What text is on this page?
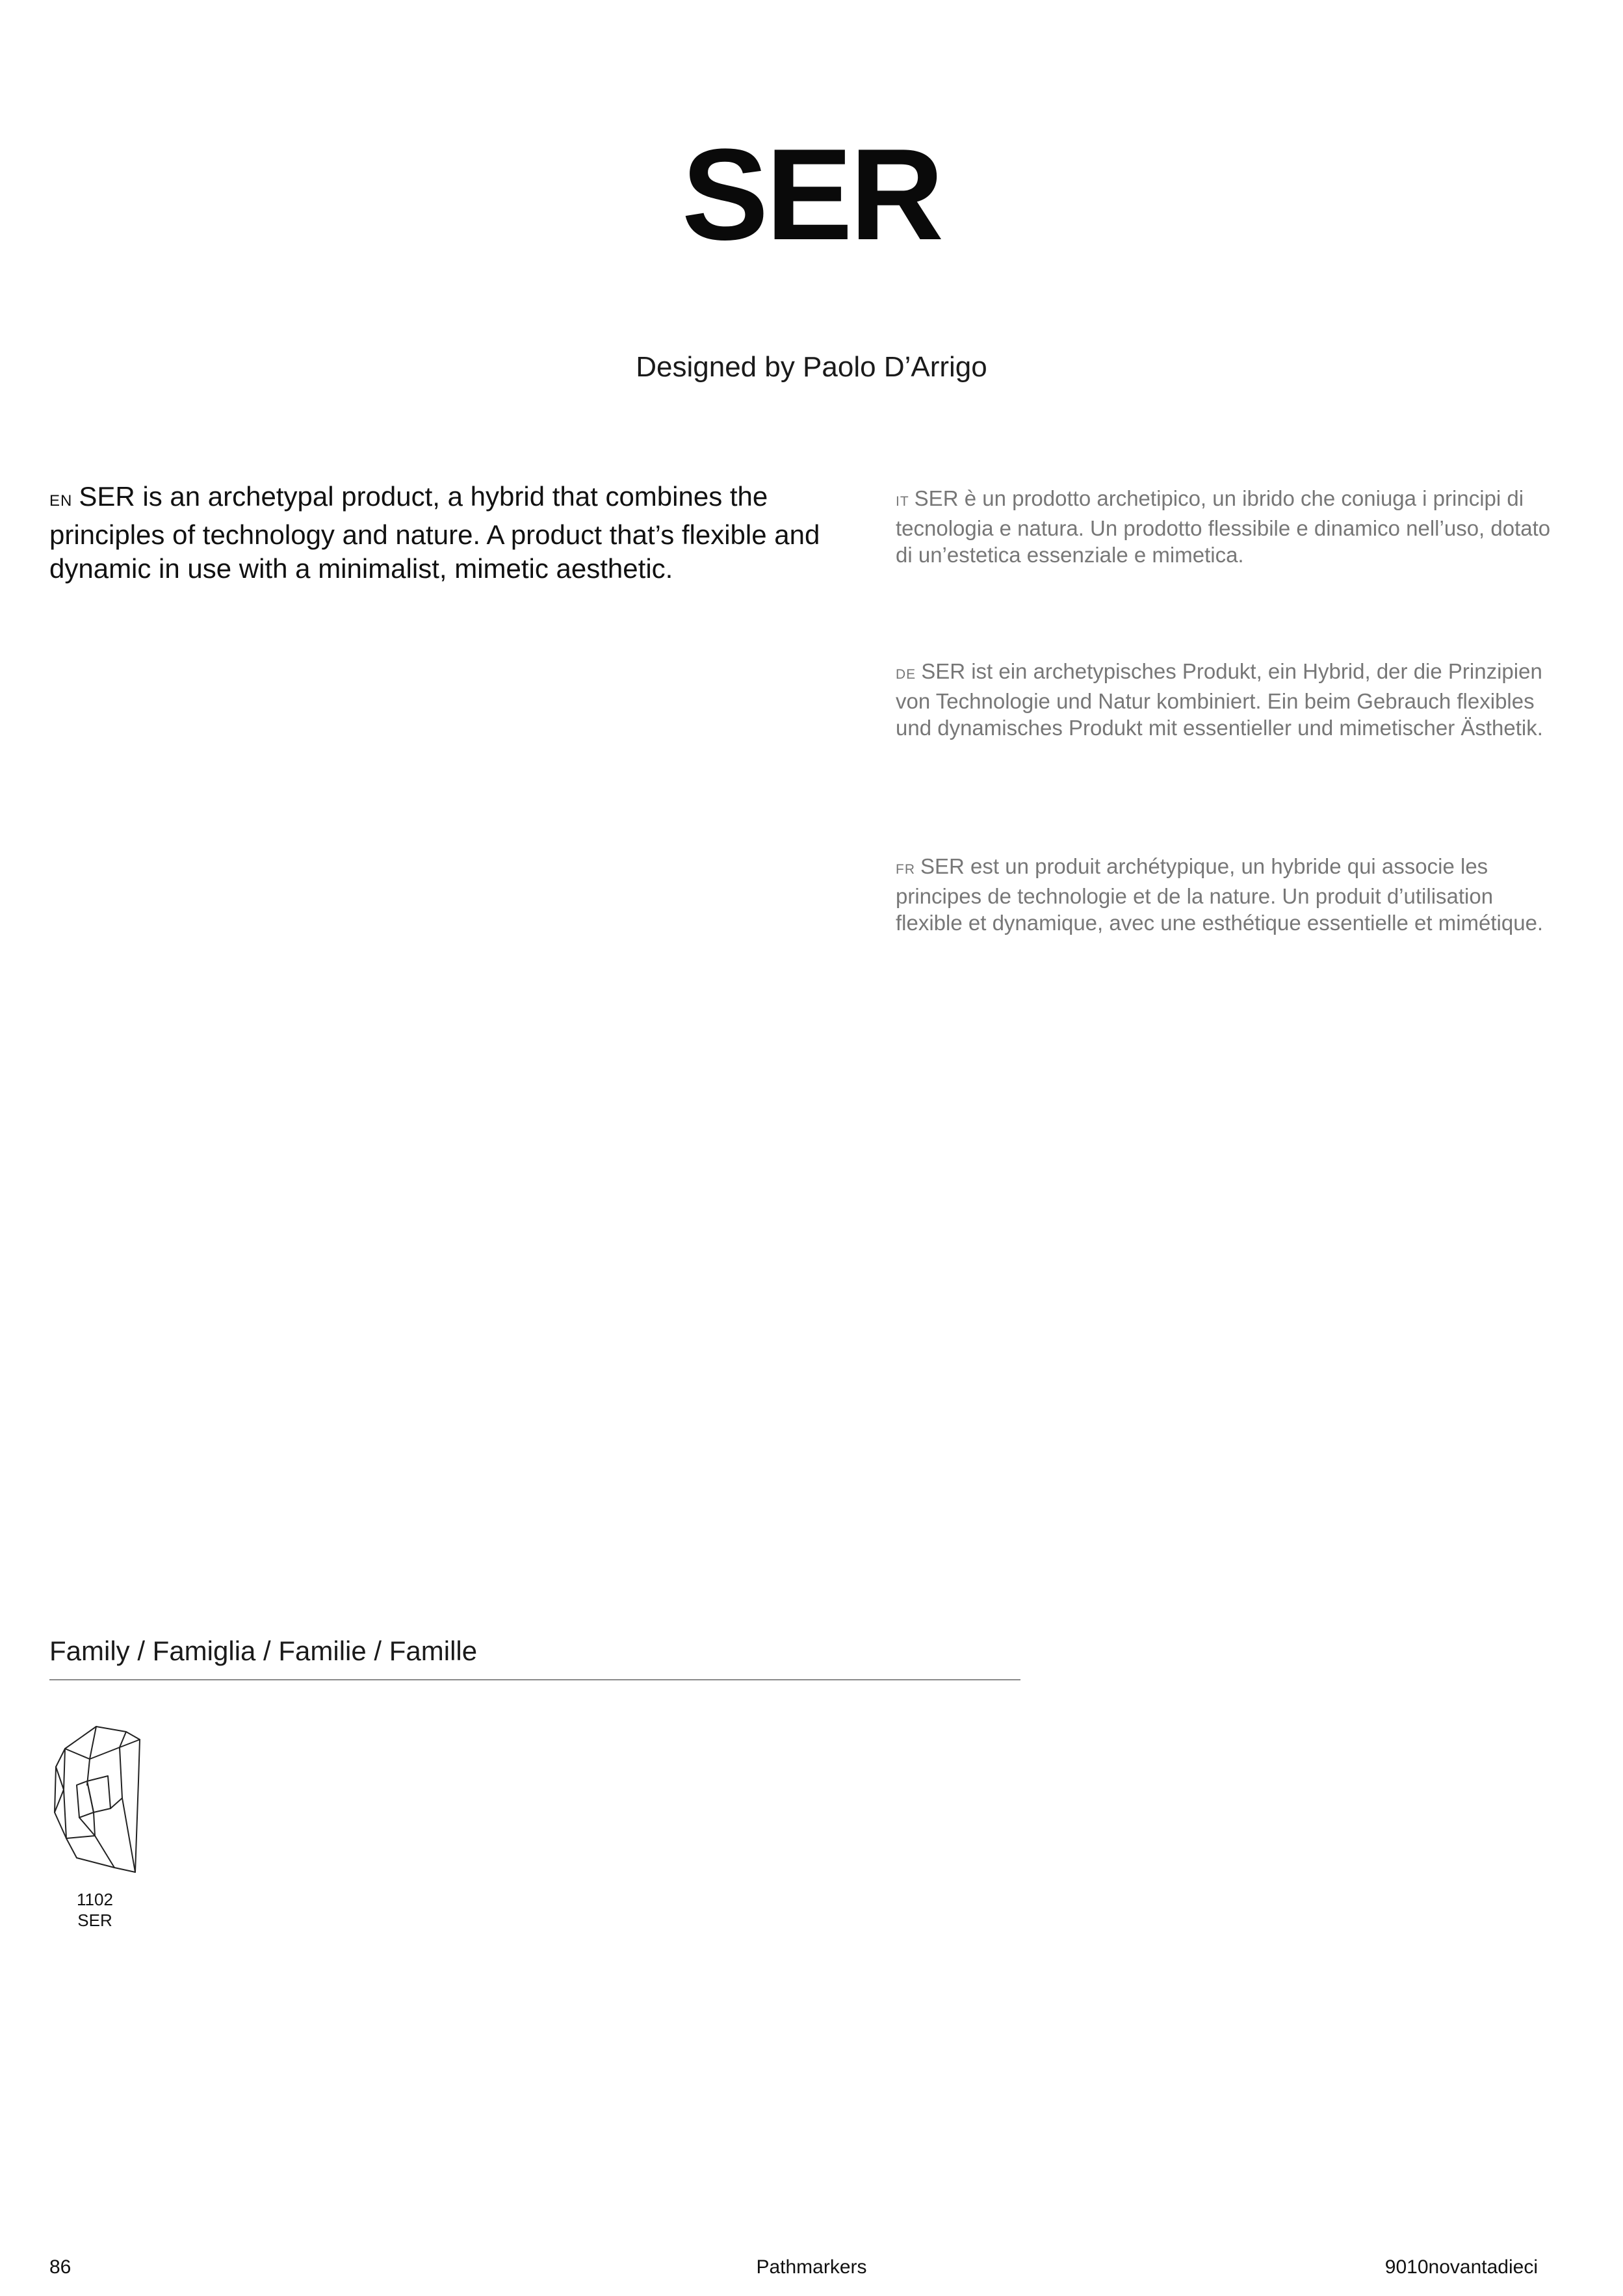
SER
Designed by Paolo D’Arrigo
EN SER is an archetypal product, a hybrid that combines the principles of technology and nature. A product that’s flexible and dynamic in use with a minimalist, mimetic aesthetic.
IT SER è un prodotto archetipico, un ibrido che coniuga i principi di tecnologia e natura. Un prodotto flessibile e dinamico nell’uso, dotato di un’estetica essenziale e mimetica.
DE SER ist ein archetypisches Produkt, ein Hybrid, der die Prinzipien von Technologie und Natur kombiniert. Ein beim Gebrauch flexibles und dynamisches Produkt mit essentieller und mimetischer Ästhetik.
FR SER est un produit archétypique, un hybride qui associe les principes de technologie et de la nature. Un produit d’utilisation flexible et dynamique, avec une esthétique essentielle et mimétique.
Family / Famiglia / Familie / Famille
1102
SER
86	Pathmarkers	9010novantadieci
